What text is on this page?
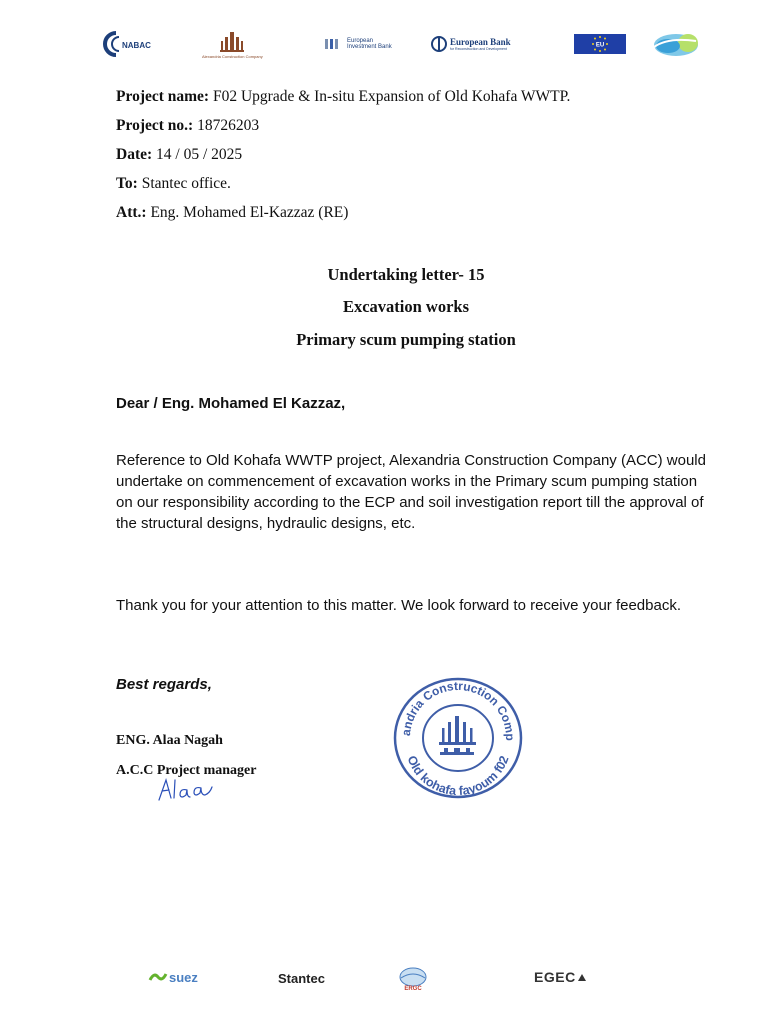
NABAC
Alexandria Construction Company
European Investment Bank
European Bank
for Reconstruction and Development	EU
Project name: F02 Upgrade & In-situ Expansion of Old Kohafa WWTP.
Project no.: 18726203
Date: 14 / 05 / 2025
To: Stantec office.
Att.: Eng. Mohamed El-Kazzaz (RE)
Undertaking letter- 15
Excavation works
Primary scum pumping station
Dear / Eng. Mohamed El Kazzaz,
Reference to Old Kohafa WWTP project, Alexandria Construction Company (ACC) would undertake on commencement of excavation works in the Primary scum pumping station on our responsibility according to the ECP and soil investigation report till the approval of the structural designs, hydraulic designs, etc.
Thank you for your attention to this matter. We look forward to receive your feedback.
Best regards,
ENG. Alaa Nagah
A.C.C Project manager
andria Construction Comp
Old kohafa fayoum f02
suez	Stantec
ERGC
EGEC
